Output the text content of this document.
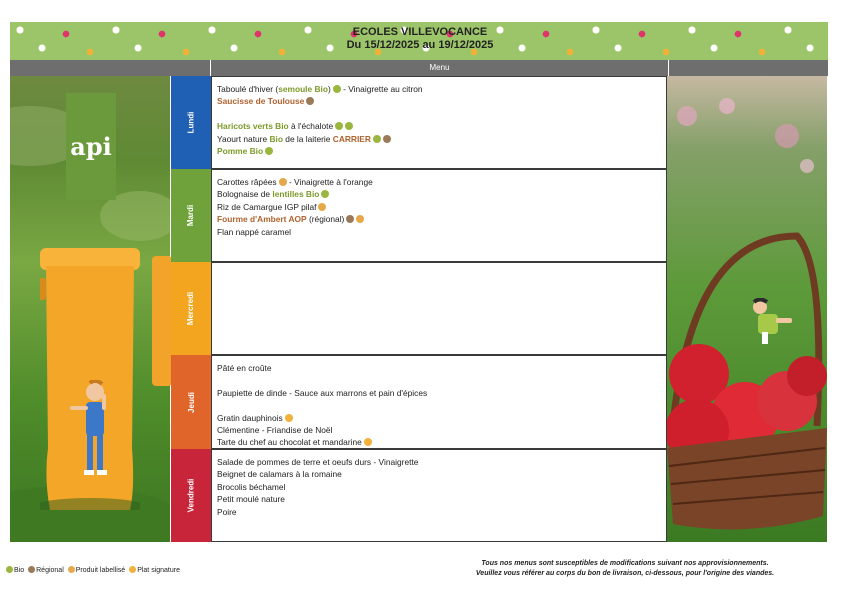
ECOLES VILLEVOCANCE
Du 15/12/2025 au 19/12/2025
Menu
api
Lundi

Taboulé d'hiver (semoule Bio) - Vinaigrette au citron

Saucisse de Toulouse

Haricots verts Bio à l'échalote

Yaourt nature Bio de la laiterie CARRIER

Pomme Bio

Mardi

Carottes râpées - Vinaigrette à l'orange

Bolognaise de lentilles Bio

Riz de Camargue IGP pilaf

Fourme d'Ambert AOP (régional)

Flan nappé caramel

Mercredi
Jeudi

Pâté en croûte

Paupiette de dinde - Sauce aux marrons et pain d'épices

Gratin dauphinois

Clémentine - Friandise de Noël

Tarte du chef au chocolat et mandarine

Vendredi

Salade de pommes de terre et oeufs durs - Vinaigrette

Beignet de calamars à la romaine

Brocolis béchamel

Petit moulé nature

Poire

Bio Régional Produit labellisé Plat signature
Tous nos menus sont susceptibles de modifications suivant nos approvisionnements.
Veuillez vous référer au corps du bon de livraison, ci-dessous, pour l'origine des viandes.
